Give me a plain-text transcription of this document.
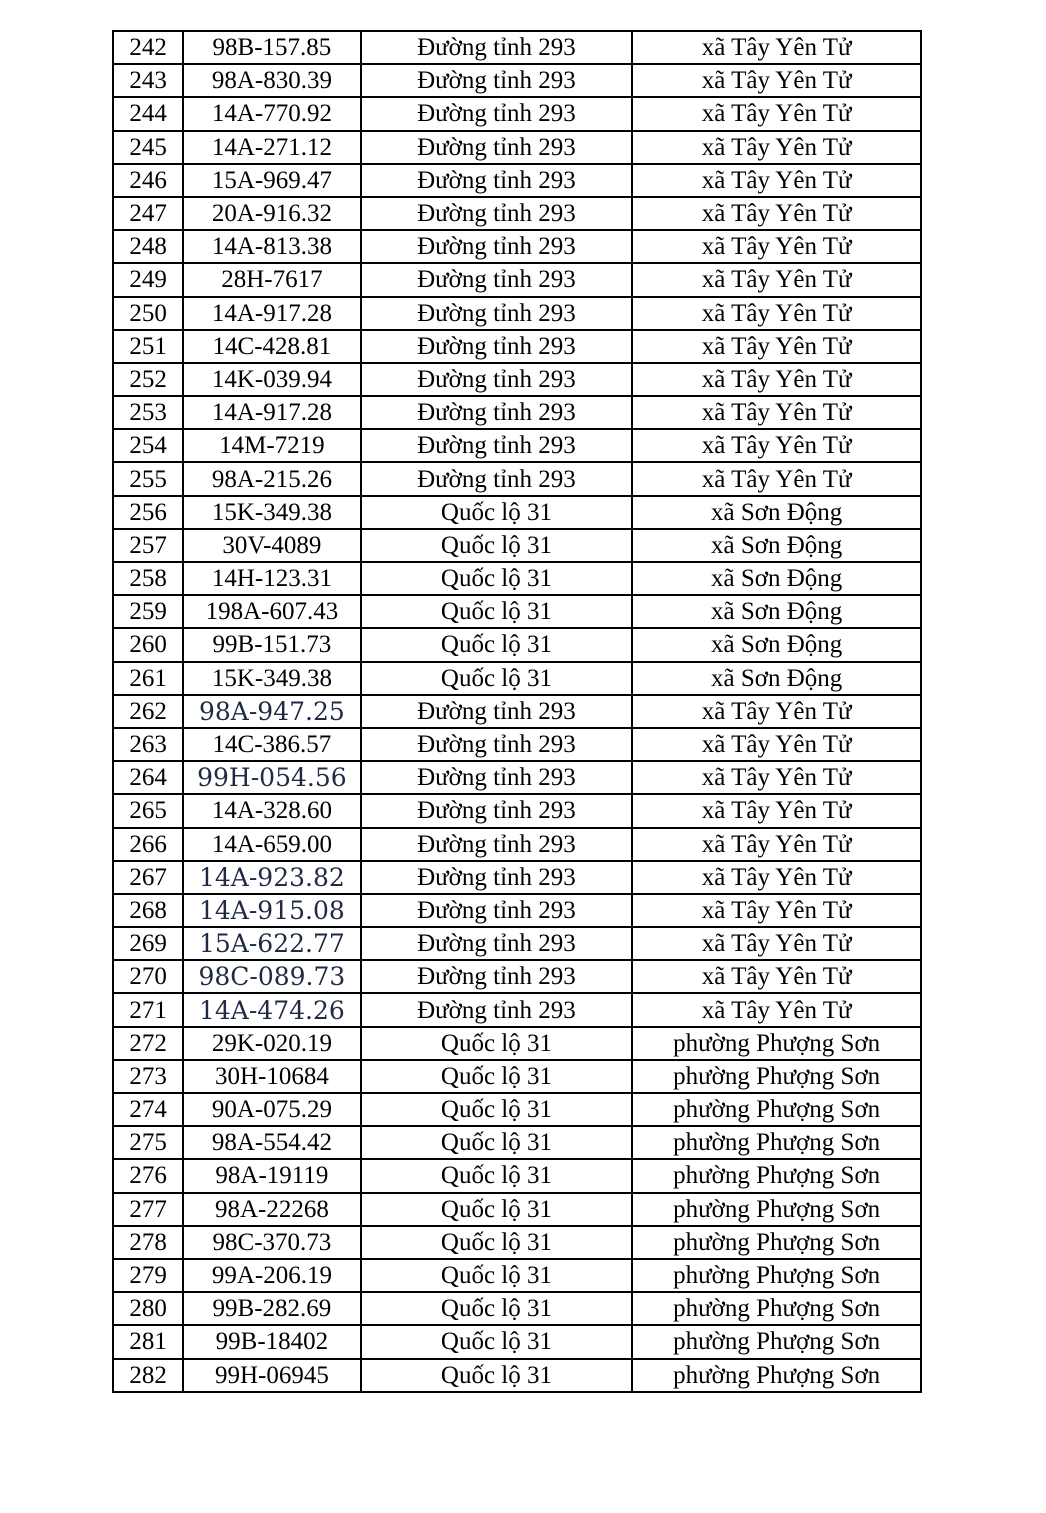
242	98B-157.85	Đường tỉnh 293	xã Tây Yên Tử
243	98A-830.39	Đường tỉnh 293	xã Tây Yên Tử
244	14A-770.92	Đường tỉnh 293	xã Tây Yên Tử
245	14A-271.12	Đường tỉnh 293	xã Tây Yên Tử
246	15A-969.47	Đường tỉnh 293	xã Tây Yên Tử
247	20A-916.32	Đường tỉnh 293	xã Tây Yên Tử
248	14A-813.38	Đường tỉnh 293	xã Tây Yên Tử
249	28H-7617	Đường tỉnh 293	xã Tây Yên Tử
250	14A-917.28	Đường tỉnh 293	xã Tây Yên Tử
251	14C-428.81	Đường tỉnh 293	xã Tây Yên Tử
252	14K-039.94	Đường tỉnh 293	xã Tây Yên Tử
253	14A-917.28	Đường tỉnh 293	xã Tây Yên Tử
254	14M-7219	Đường tỉnh 293	xã Tây Yên Tử
255	98A-215.26	Đường tỉnh 293	xã Tây Yên Tử
256	15K-349.38	Quốc lộ 31	xã Sơn Động
257	30V-4089	Quốc lộ 31	xã Sơn Động
258	14H-123.31	Quốc lộ 31	xã Sơn Động
259	198A-607.43	Quốc lộ 31	xã Sơn Động
260	99B-151.73	Quốc lộ 31	xã Sơn Động
261	15K-349.38	Quốc lộ 31	xã Sơn Động
262	98A-947.25	Đường tỉnh 293	xã Tây Yên Tử
263	14C-386.57	Đường tỉnh 293	xã Tây Yên Tử
264	99H-054.56	Đường tỉnh 293	xã Tây Yên Tử
265	14A-328.60	Đường tỉnh 293	xã Tây Yên Tử
266	14A-659.00	Đường tỉnh 293	xã Tây Yên Tử
267	14A-923.82	Đường tỉnh 293	xã Tây Yên Tử
268	14A-915.08	Đường tỉnh 293	xã Tây Yên Tử
269	15A-622.77	Đường tỉnh 293	xã Tây Yên Tử
270	98C-089.73	Đường tỉnh 293	xã Tây Yên Tử
271	14A-474.26	Đường tỉnh 293	xã Tây Yên Tử
272	29K-020.19	Quốc lộ 31	phường Phượng Sơn
273	30H-10684	Quốc lộ 31	phường Phượng Sơn
274	90A-075.29	Quốc lộ 31	phường Phượng Sơn
275	98A-554.42	Quốc lộ 31	phường Phượng Sơn
276	98A-19119	Quốc lộ 31	phường Phượng Sơn
277	98A-22268	Quốc lộ 31	phường Phượng Sơn
278	98C-370.73	Quốc lộ 31	phường Phượng Sơn
279	99A-206.19	Quốc lộ 31	phường Phượng Sơn
280	99B-282.69	Quốc lộ 31	phường Phượng Sơn
281	99B-18402	Quốc lộ 31	phường Phượng Sơn
282	99H-06945	Quốc lộ 31	phường Phượng Sơn
